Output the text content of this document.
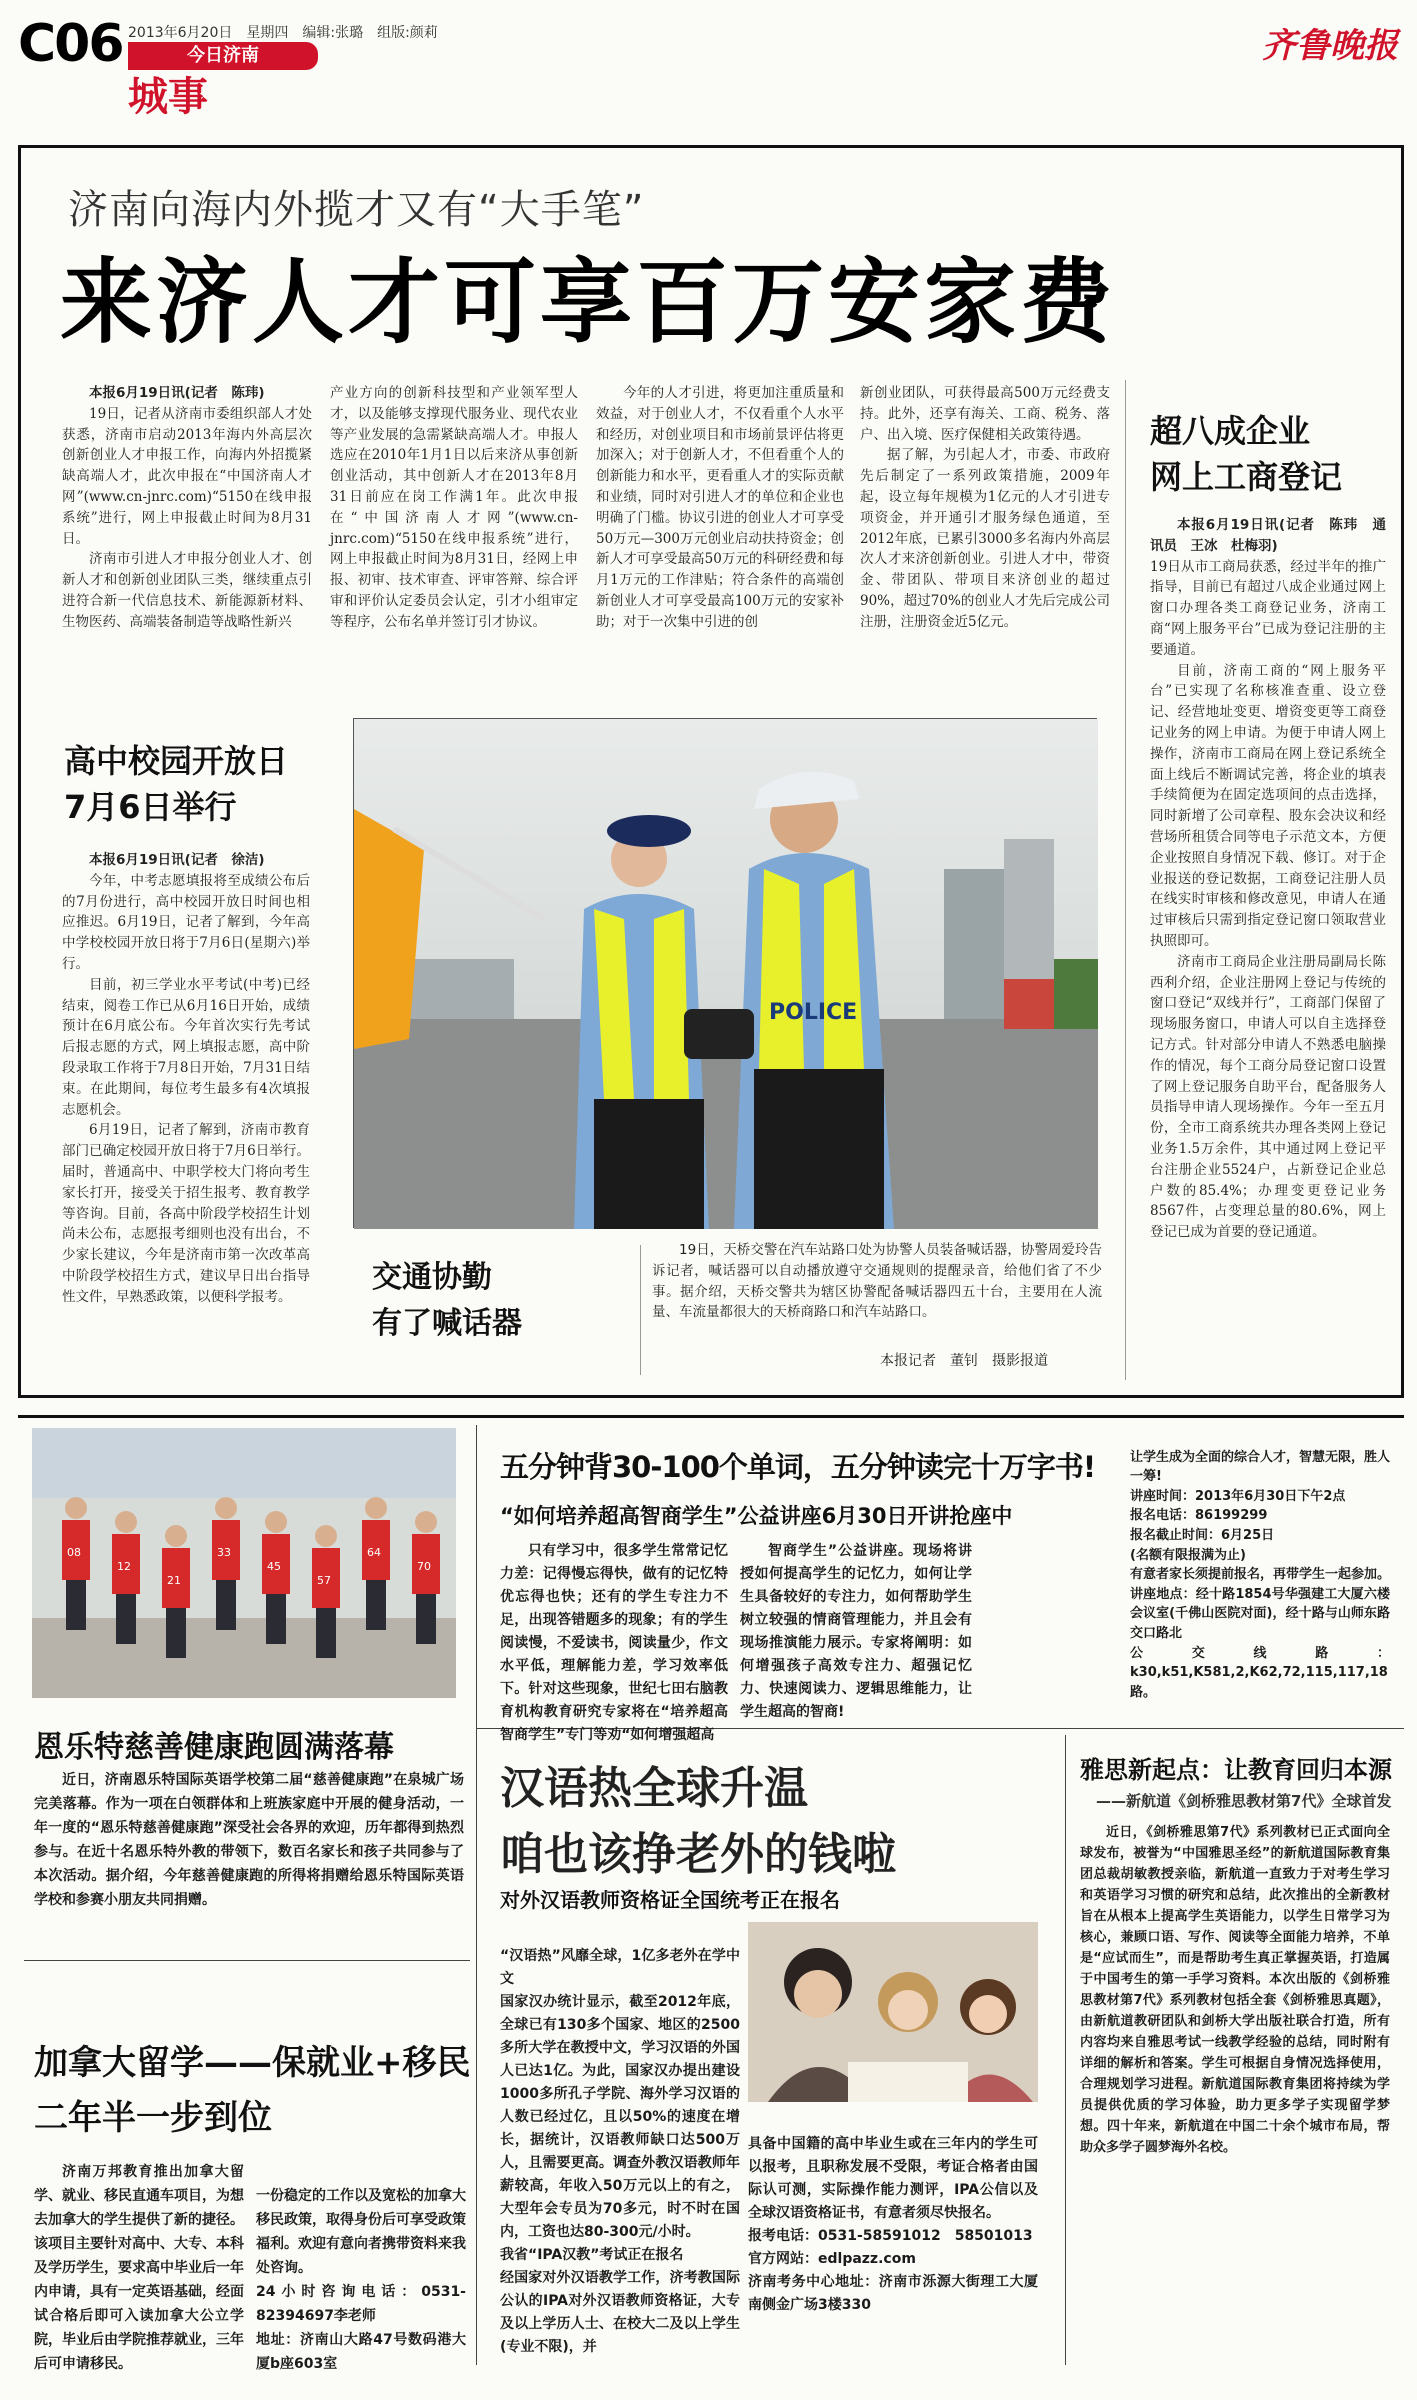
C06 2013年6月20日　星期四　编辑:张璐　组版:颜莉
今日济南
城事
齐鲁晚报
济南向海内外揽才又有“大手笔”
来济人才可享百万安家费

本报6月19日讯(记者　陈玮)

19日，记者从济南市委组织部人才处获悉，济南市启动2013年海内外高层次创新创业人才申报工作，向海内外招揽紧缺高端人才，此次申报在“中国济南人才网”(www.cn-jnrc.com)“5150在线申报系统”进行，网上申报截止时间为8月31日。

济南市引进人才申报分创业人才、创新人才和创新创业团队三类，继续重点引进符合新一代信息技术、新能源新材料、生物医药、高端装备制造等战略性新兴

产业方向的创新科技型和产业领军型人才，以及能够支撑现代服务业、现代农业等产业发展的急需紧缺高端人才。申报人选应在2010年1月1日以后来济从事创新创业活动，其中创新人才在2013年8月31日前应在岗工作满1年。此次申报在“中国济南人才网”(www.cn-jnrc.com)“5150在线申报系统”进行，网上申报截止时间为8月31日，经网上申报、初审、技术审查、评审答辩、综合评审和评价认定委员会认定，引才小组审定等程序，公布名单并签订引才协议。

今年的人才引进，将更加注重质量和效益，对于创业人才，不仅看重个人水平和经历，对创业项目和市场前景评估将更加深入；对于创新人才，不但看重个人的创新能力和水平，更看重人才的实际贡献和业绩，同时对引进人才的单位和企业也明确了门槛。协议引进的创业人才可享受50万元—300万元创业启动扶持资金；创新人才可享受最高50万元的科研经费和每月1万元的工作津贴；符合条件的高端创新创业人才可享受最高100万元的安家补助；对于一次集中引进的创

新创业团队，可获得最高500万元经费支持。此外，还享有海关、工商、税务、落户、出入境、医疗保健相关政策待遇。

据了解，为引起人才，市委、市政府先后制定了一系列政策措施，2009年起，设立每年规模为1亿元的人才引进专项资金，并开通引才服务绿色通道，至2012年底，已累引3000多名海内外高层次人才来济创新创业。引进人才中，带资金、带团队、带项目来济创业的超过90%，超过70%的创业人才先后完成公司注册，注册资金近5亿元。

高中校园开放日
7月6日举行

本报6月19日讯(记者　徐洁)

今年，中考志愿填报将至成绩公布后的7月份进行，高中校园开放日时间也相应推迟。6月19日，记者了解到，今年高中学校校园开放日将于7月6日(星期六)举行。

目前，初三学业水平考试(中考)已经结束，阅卷工作已从6月16日开始，成绩预计在6月底公布。今年首次实行先考试后报志愿的方式，网上填报志愿，高中阶段录取工作将于7月8日开始，7月31日结束。在此期间，每位考生最多有4次填报志愿机会。

6月19日，记者了解到，济南市教育部门已确定校园开放日将于7月6日举行。届时，普通高中、中职学校大门将向考生家长打开，接受关于招生报考、教育教学等咨询。目前，各高中阶段学校招生计划尚未公布，志愿报考细则也没有出台，不少家长建议，今年是济南市第一次改革高中阶段学校招生方式，建议早日出台指导性文件，早熟悉政策，以便科学报考。

POLICE
交通协勤
有了喊话器

19日，天桥交警在汽车站路口处为协警人员装备喊话器，协警周爱玲告诉记者，喊话器可以自动播放遵守交通规则的提醒录音，给他们省了不少事。据介绍，天桥交警共为辖区协警配备喊话器四五十台，主要用在人流量、车流量都很大的天桥商路口和汽车站路口。

本报记者　董钊　摄影报道
超八成企业
网上工商登记

本报6月19日讯(记者　陈玮　通讯员　王冰　杜梅羽)

19日从市工商局获悉，经过半年的推广指导，目前已有超过八成企业通过网上窗口办理各类工商登记业务，济南工商“网上服务平台”已成为登记注册的主要通道。

目前，济南工商的“网上服务平台”已实现了名称核准查重、设立登记、经营地址变更、增资变更等工商登记业务的网上申请。为便于申请人网上操作，济南市工商局在网上登记系统全面上线后不断调试完善，将企业的填表手续简便为在固定选项间的点击选择，同时新增了公司章程、股东会决议和经营场所租赁合同等电子示范文本，方便企业按照自身情况下载、修订。对于企业报送的登记数据，工商登记注册人员在线实时审核和修改意见，申请人在通过审核后只需到指定登记窗口领取营业执照即可。

济南市工商局企业注册局副局长陈西利介绍，企业注册网上登记与传统的窗口登记“双线并行”，工商部门保留了现场服务窗口，申请人可以自主选择登记方式。针对部分申请人不熟悉电脑操作的情况，每个工商分局登记窗口设置了网上登记服务自助平台，配备服务人员指导申请人现场操作。今年一至五月份，全市工商系统共办理各类网上登记业务1.5万余件，其中通过网上登记平台注册企业5524户，占新登记企业总户数的85.4%；办理变更登记业务8567件，占变理总量的80.6%，网上登记已成为首要的登记通道。

08
12
21
33
45
57
64
70
恩乐特慈善健康跑圆满落幕

近日，济南恩乐特国际英语学校第二届“慈善健康跑”在泉城广场完美落幕。作为一项在白领群体和上班族家庭中开展的健身活动，一年一度的“恩乐特慈善健康跑”深受社会各界的欢迎，历年都得到热烈参与。在近十名恩乐特外教的带领下，数百名家长和孩子共同参与了本次活动。据介绍，今年慈善健康跑的所得将捐赠给恩乐特国际英语学校和参赛小朋友共同捐赠。

加拿大留学——保就业+移民
二年半一步到位

济南万邦教育推出加拿大留学、就业、移民直通车项目，为想去加拿大的学生提供了新的捷径。该项目主要针对高中、大专、本科及学历学生，要求高中毕业后一年内申请，具有一定英语基础，经面试合格后即可入读加拿大公立学院，毕业后由学院推荐就业，三年后可申请移民。

一份稳定的工作以及宽松的加拿大移民政策，取得身份后可享受政策福利。欢迎有意向者携带资料来我处咨询。
24小时咨询电话：0531-82394697李老师
地址：济南山大路47号数码港大厦b座603室

五分钟背30-100个单词，五分钟读完十万字书!
“如何培养超高智商学生”公益讲座6月30日开讲抢座中

只有学习中，很多学生常常记忆力差：记得慢忘得快，做有的记忆特优忘得也快；还有的学生专注力不足，出现答错题多的现象；有的学生阅读慢，不爱读书，阅读量少，作文水平低，理解能力差，学习效率低下。针对这些现象，世纪七田右脑教育机构教育研究专家将在“培养超高智商学生”专门等劝“如何增强超高

智商学生”公益讲座。现场将讲授如何提高学生的记忆力，如何让学生具备较好的专注力，如何帮助学生树立较强的情商管理能力，并且会有现场推演能力展示。专家将阐明：如何增强孩子高效专注力、超强记忆力、快速阅读力、逻辑思维能力，让学生超高的智商!

让学生成为全面的综合人才，智慧无限，胜人一筹!
讲座时间：2013年6月30日下午2点
报名电话：86199299
报名截止时间：6月25日
(名额有限报满为止)
有意者家长须提前报名，再带学生一起参加。
讲座地点：经十路1854号华强建工大厦六楼会议室(千佛山医院对面)，经十路与山师东路交口路北
公交线路：k30,k51,K581,2,K62,72,115,117,18路。

汉语热全球升温
咱也该挣老外的钱啦
对外汉语教师资格证全国统考正在报名

“汉语热”风靡全球，1亿多老外在学中文
国家汉办统计显示，截至2012年底，全球已有130多个国家、地区的2500多所大学在教授中文，学习汉语的外国人已达1亿。为此，国家汉办提出建设1000多所孔子学院、海外学习汉语的人数已经过亿，且以50%的速度在增长，据统计，汉语教师缺口达500万人，且需要更高。调查外教汉语教师年薪较高，年收入50万元以上的有之，大型年会专员为70多元，时不时在国内，工资也达80-300元/小时。
我省“IPA汉教”考试正在报名
经国家对外汉语教学工作，济考教国际公认的IPA对外汉语教师资格证，大专及以上学历人士、在校大二及以上学生(专业不限)，并

具备中国籍的高中毕业生或在三年内的学生可以报考，且职称发展不受限，考证合格者由国际认可测，实际操作能力测评，IPA公信以及全球汉语资格证书，有意者须尽快报名。
报考电话：0531-58591012　58501013
官方网站：edlpazz.com
济南考务中心地址：济南市泺源大街理工大厦南侧金广场3楼330

雅思新起点：让教育回归本源
——新航道《剑桥雅思教材第7代》全球首发

近日，《剑桥雅思第7代》系列教材已正式面向全球发布，被誉为“中国雅思圣经”的新航道国际教育集团总裁胡敏教授亲临，新航道一直致力于对考生学习和英语学习习惯的研究和总结，此次推出的全新教材旨在从根本上提高学生英语能力，以学生日常学习为核心，兼顾口语、写作、阅读等全面能力培养，不单是“应试而生”，而是帮助考生真正掌握英语，打造属于中国考生的第一手学习资料。本次出版的《剑桥雅思教材第7代》系列教材包括全套《剑桥雅思真题》，由新航道教研团队和剑桥大学出版社联合打造，所有内容均来自雅思考试一线教学经验的总结，同时附有详细的解析和答案。学生可根据自身情况选择使用，合理规划学习进程。新航道国际教育集团将持续为学员提供优质的学习体验，助力更多学子实现留学梦想。四十年来，新航道在中国二十余个城市布局，帮助众多学子圆梦海外名校。
